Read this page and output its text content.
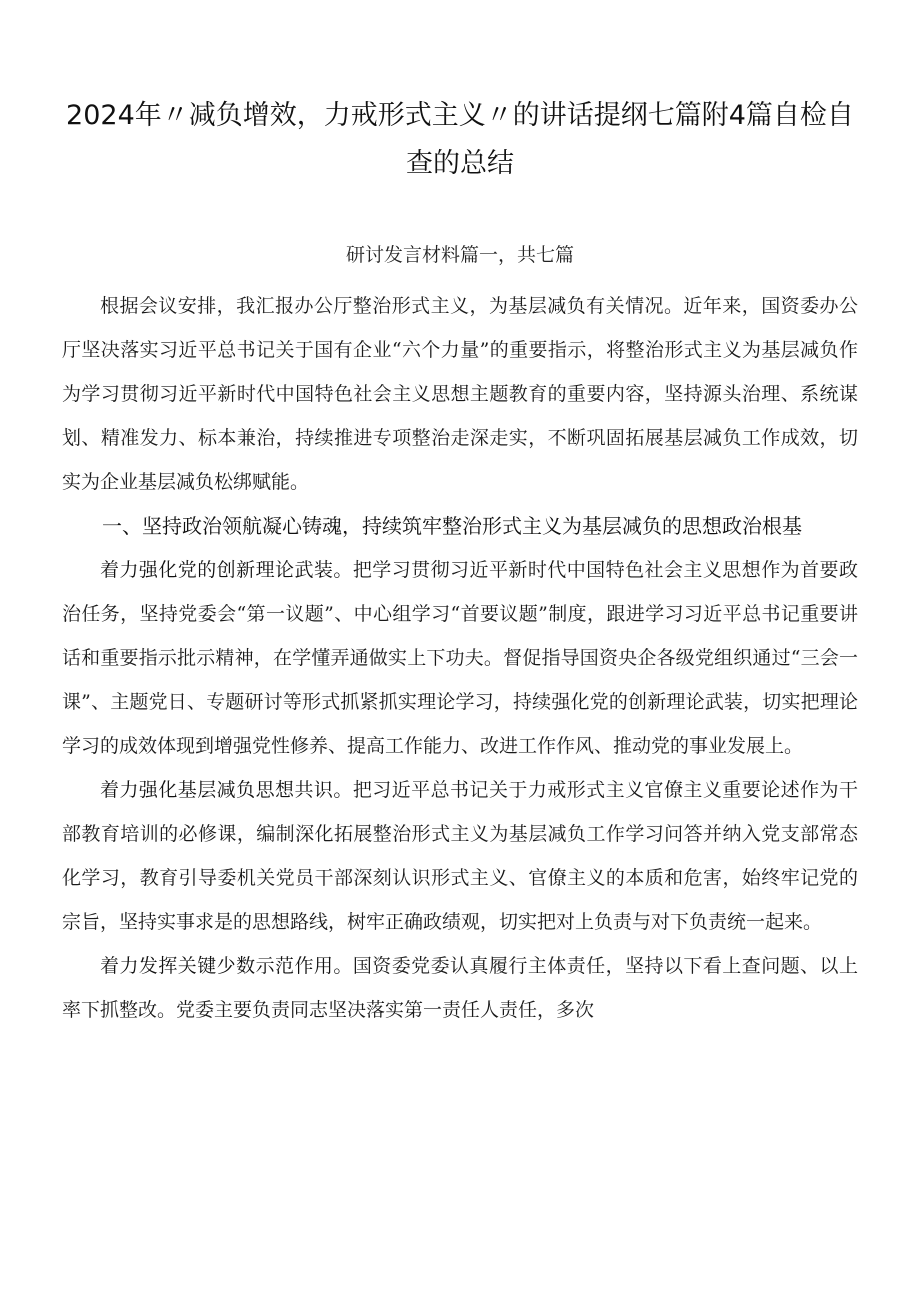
2024年〃减负增效，力戒形式主义〃的讲话提纲七篇附4篇自检自查的总结
研讨发言材料篇一，共七篇

根据会议安排，我汇报办公厅整治形式主义，为基层减负有关情况。近年来，国资委办公厅坚决落实习近平总书记关于国有企业“六个力量”的重要指示，将整治形式主义为基层减负作为学习贯彻习近平新时代中国特色社会主义思想主题教育的重要内容，坚持源头治理、系统谋划、精准发力、标本兼治，持续推进专项整治走深走实，不断巩固拓展基层减负工作成效，切实为企业基层减负松绑赋能。

一、坚持政治领航凝心铸魂，持续筑牢整治形式主义为基层减负的思想政治根基

着力强化党的创新理论武装。把学习贯彻习近平新时代中国特色社会主义思想作为首要政治任务，坚持党委会“第一议题”、中心组学习“首要议题”制度，跟进学习习近平总书记重要讲话和重要指示批示精神，在学懂弄通做实上下功夫。督促指导国资央企各级党组织通过“三会一课”、主题党日、专题研讨等形式抓紧抓实理论学习，持续强化党的创新理论武装，切实把理论学习的成效体现到增强党性修养、提高工作能力、改进工作作风、推动党的事业发展上。

着力强化基层减负思想共识。把习近平总书记关于力戒形式主义官僚主义重要论述作为干部教育培训的必修课，编制深化拓展整治形式主义为基层减负工作学习问答并纳入党支部常态化学习，教育引导委机关党员干部深刻认识形式主义、官僚主义的本质和危害，始终牢记党的宗旨，坚持实事求是的思想路线，树牢正确政绩观，切实把对上负责与对下负责统一起来。

着力发挥关键少数示范作用。国资委党委认真履行主体责任，坚持以下看上查问题、以上率下抓整改。党委主要负责同志坚决落实第一责任人责任，多次
